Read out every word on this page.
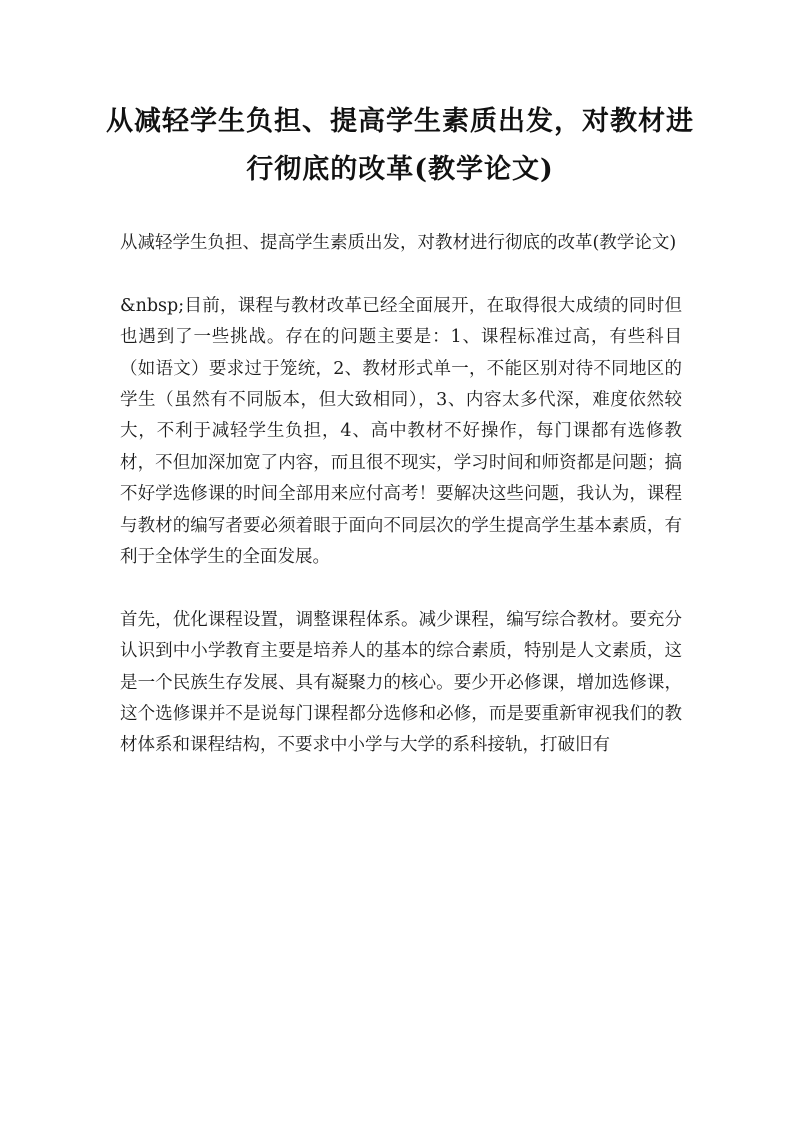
从减轻学生负担、提高学生素质出发，对教材进行彻底的改革(教学论文)

从减轻学生负担、提高学生素质出发，对教材进行彻底的改革(教学论文)

&nbsp;目前，课程与教材改革已经全面展开，在取得很大成绩的同时但也遇到了一些挑战。存在的问题主要是：1、课程标准过高，有些科目（如语文）要求过于笼统，2、教材形式单一，不能区别对待不同地区的学生（虽然有不同版本，但大致相同），3、内容太多代深，难度依然较大，不利于减轻学生负担，4、高中教材不好操作，每门课都有选修教材，不但加深加宽了内容，而且很不现实，学习时间和师资都是问题；搞不好学选修课的时间全部用来应付高考！要解决这些问题，我认为，课程与教材的编写者要必须着眼于面向不同层次的学生提高学生基本素质，有利于全体学生的全面发展。

首先，优化课程设置，调整课程体系。减少课程，编写综合教材。要充分认识到中小学教育主要是培养人的基本的综合素质，特别是人文素质，这是一个民族生存发展、具有凝聚力的核心。要少开必修课，增加选修课，这个选修课并不是说每门课程都分选修和必修，而是要重新审视我们的教材体系和课程结构，不要求中小学与大学的系科接轨，打破旧有
